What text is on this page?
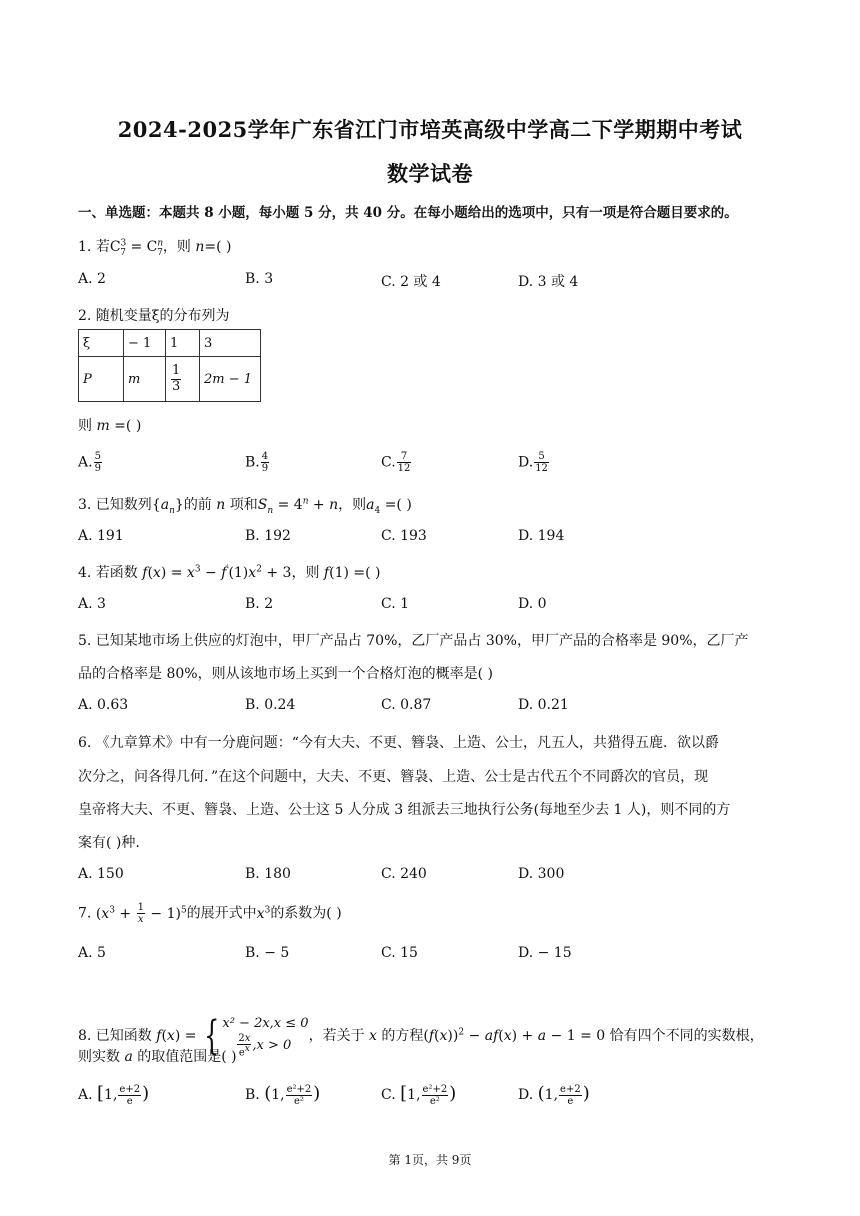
2024-2025学年广东省江门市培英高级中学高二下学期期中考试
数学试卷
一、单选题：本题共 8 小题，每小题 5 分，共 40 分。在每小题给出的选项中，只有一项是符合题目要求的。
1. 若$C^3_7 = C^n_7$，则 n=( )
A. 2	B. 3	C. 2 或 4	D. 3 或 4
2. 随机变量ξ的分布列为
ξ	− 1	1	3
P	m	$\frac{1}{3}$	2m − 1
则 m =( )
A. $\frac{5}{9}$	B. $\frac{4}{9}$	C. $\frac{7}{12}$	D. $\frac{5}{12}$
3. 已知数列$\{a_n\}$的前 n 项和$S_n = 4^n + n$，则$a_4$ =( )
A. 191	B. 192	C. 193	D. 194
4. 若函数 $f(x) = x^3 - f'(1)x^2 + 3$，则 f(1) =( )
A. 3	B. 2	C. 1	D. 0
5. 已知某地市场上供应的灯泡中，甲厂产品占 70%，乙厂产品占 30%，甲厂产品的合格率是 90%，乙厂产
品的合格率是 80%，则从该地市场上买到一个合格灯泡的概率是( )
A. 0.63	B. 0.24	C. 0.87	D. 0.21
6. 《九章算术》中有一分鹿问题：“今有大夫、不更、簪袅、上造、公士，凡五人，共猎得五鹿．欲以爵
次分之，问各得几何．”在这个问题中，大夫、不更、簪袅、上造、公士是古代五个不同爵次的官员，现
皇帝将大夫、不更、簪袅、上造、公士这 5 人分成 3 组派去三地执行公务(每地至少去 1 人)，则不同的方
案有( )种.
A. 150	B. 180	C. 240	D. 300
7. $(x^3 + \frac{1}{x} - 1)^5$的展开式中$x^3$的系数为( )
A. 5	B. − 5	C. 15	D. − 15
8. 已知函数 f(x) = { x² − 2x,x ≤ 0
$\frac{2x}{e^x} ,x > 0$
，若关于 x 的方程$(f(x))^2 - af(x) + a - 1 = 0$ 恰有四个不同的实数根，
则实数 a 的取值范围是( )
A. [1, $\frac{e+2}{e}$ )	B. (1, $\frac{\text{e²+2}}{\text{e²}}$ )	C. [1, $\frac{\text{e²+2}}{\text{e²}}$ )	D. (1, $\frac{e+2}{e}$ )
第 1页，共 9页
